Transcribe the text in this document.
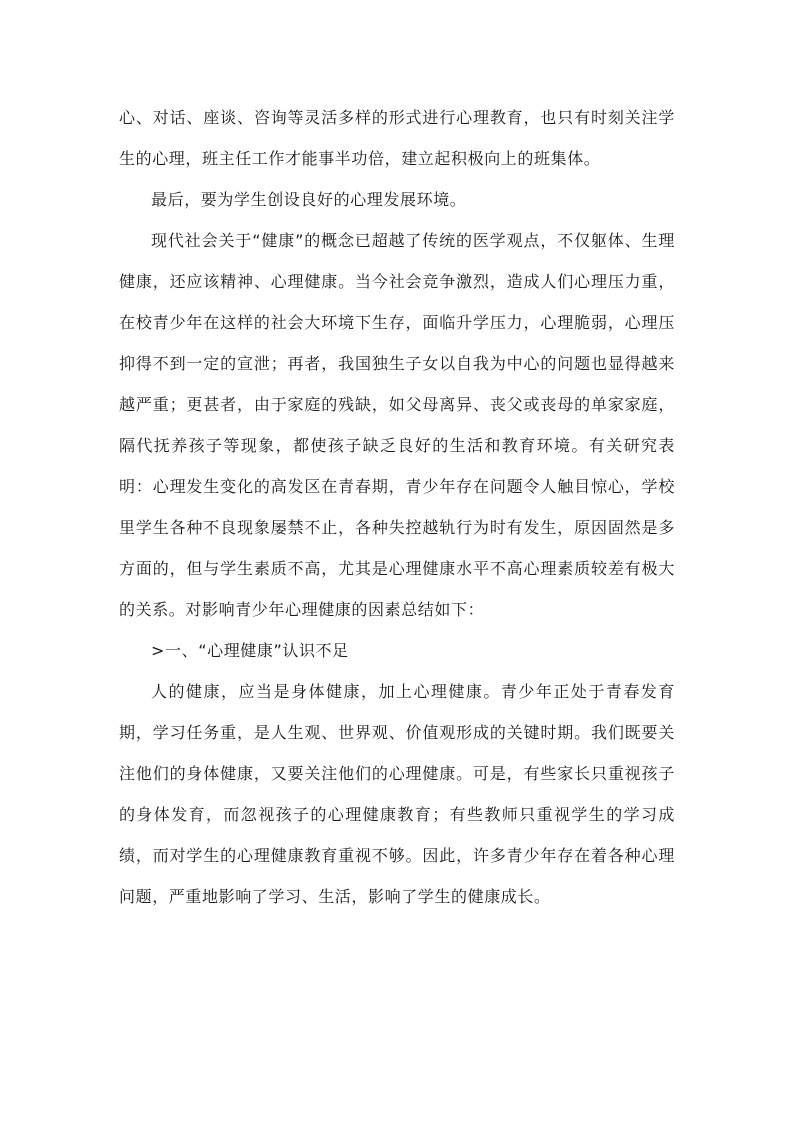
心、对话、座谈、咨询等灵活多样的形式进行心理教育，也只有时刻关注学生的心理，班主任工作才能事半功倍，建立起积极向上的班集体。

最后，要为学生创设良好的心理发展环境。

现代社会关于“健康”的概念已超越了传统的医学观点，不仅躯体、生理健康，还应该精神、心理健康。当今社会竞争激烈，造成人们心理压力重，在校青少年在这样的社会大环境下生存，面临升学压力，心理脆弱，心理压抑得不到一定的宣泄；再者，我国独生子女以自我为中心的问题也显得越来越严重；更甚者，由于家庭的残缺，如父母离异、丧父或丧母的单家家庭，隔代抚养孩子等现象，都使孩子缺乏良好的生活和教育环境。有关研究表明：心理发生变化的高发区在青春期，青少年存在问题令人触目惊心，学校里学生各种不良现象屡禁不止，各种失控越轨行为时有发生，原因固然是多方面的，但与学生素质不高，尤其是心理健康水平不高心理素质较差有极大的关系。对影响青少年心理健康的因素总结如下：

>一、“心理健康”认识不足

人的健康，应当是身体健康，加上心理健康。青少年正处于青春发育期，学习任务重，是人生观、世界观、价值观形成的关键时期。我们既要关注他们的身体健康，又要关注他们的心理健康。可是，有些家长只重视孩子的身体发育，而忽视孩子的心理健康教育；有些教师只重视学生的学习成绩，而对学生的心理健康教育重视不够。因此，许多青少年存在着各种心理问题，严重地影响了学习、生活，影响了学生的健康成长。
